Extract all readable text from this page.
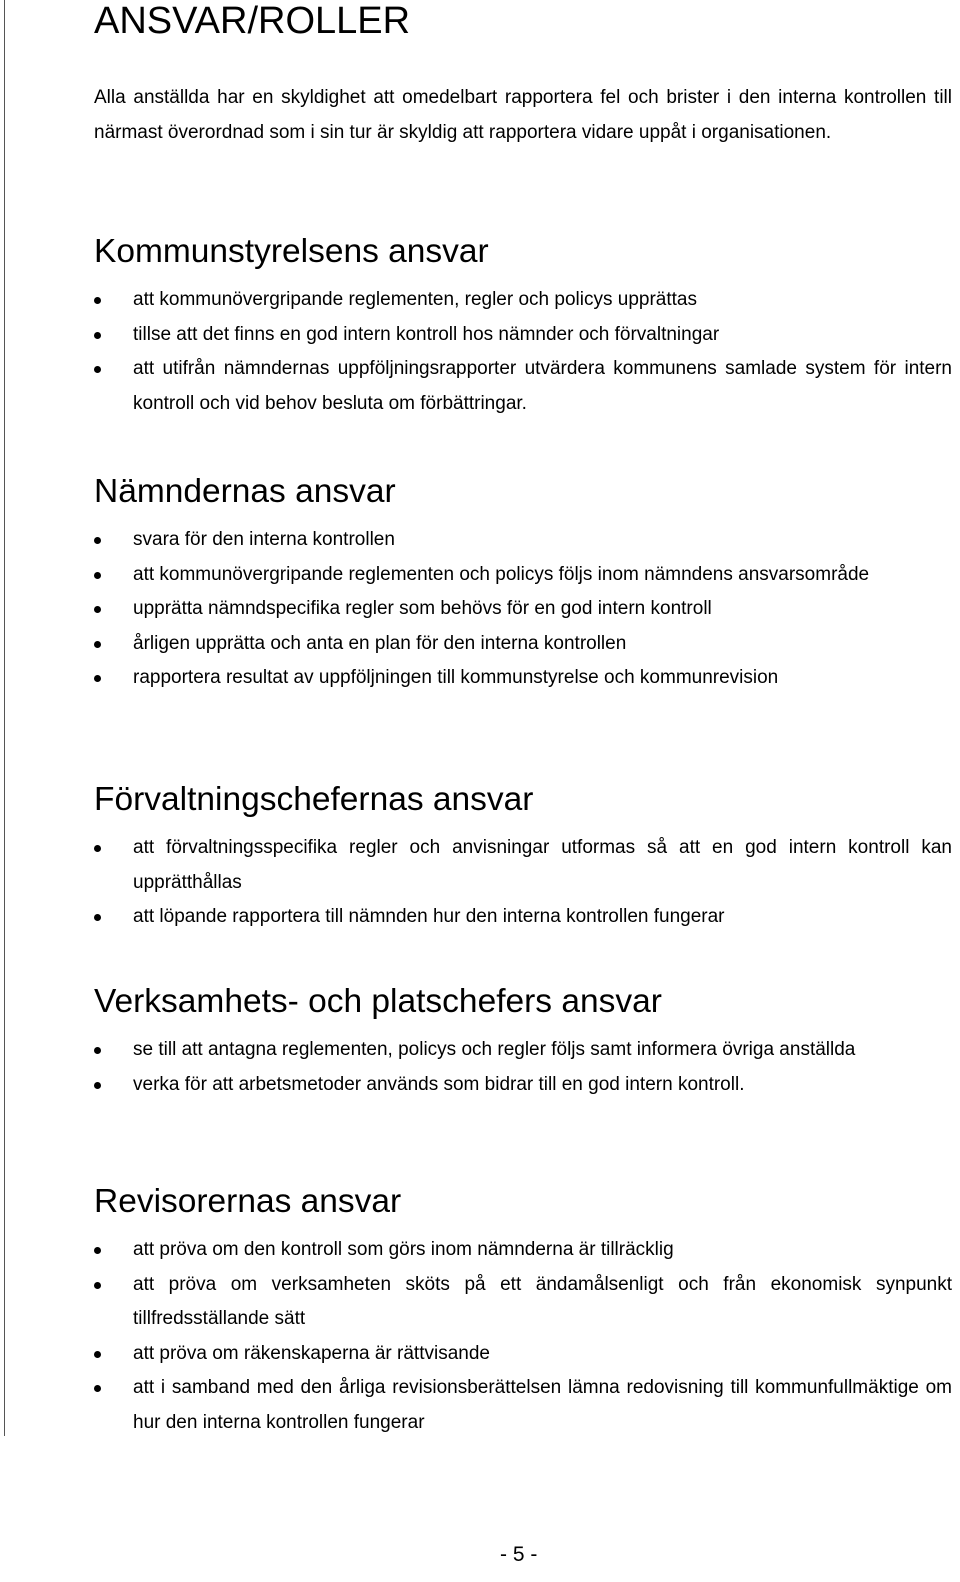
ANSVAR/ROLLER

Alla anställda har en skyldighet att omedelbart rapportera fel och brister i den interna kontrollen till närmast överordnad som i sin tur är skyldig att rapportera vidare uppåt i organisationen.

Kommunstyrelsens ansvar
att kommunövergripande reglementen, regler och policys upprättas
tillse att det finns en god intern kontroll hos nämnder och förvaltningar
att utifrån nämndernas uppföljningsrapporter utvärdera kommunens samlade system för intern kontroll och vid behov besluta om förbättringar.
Nämndernas ansvar
svara för den interna kontrollen
att kommunövergripande reglementen och policys följs inom nämndens ansvarsområde
upprätta nämndspecifika regler som behövs för en god intern kontroll
årligen upprätta och anta en plan för den interna kontrollen
rapportera resultat av uppföljningen till kommunstyrelse och kommunrevision
Förvaltningschefernas ansvar
att förvaltningsspecifika regler och anvisningar utformas så att en god intern kontroll kan upprätthållas
att löpande rapportera till nämnden hur den interna kontrollen fungerar
Verksamhets- och platschefers ansvar
se till att antagna reglementen, policys och regler följs samt informera övriga anställda
verka för att arbetsmetoder används som bidrar till en god intern kontroll.
Revisorernas ansvar
att pröva om den kontroll som görs inom nämnderna är tillräcklig
att pröva om verksamheten sköts på ett ändamålsenligt och från ekonomisk synpunkt tillfredsställande sätt
att pröva om räkenskaperna är rättvisande
att i samband med den årliga revisionsberättelsen lämna redovisning till kommunfullmäktige om hur den interna kontrollen fungerar
- 5 -
